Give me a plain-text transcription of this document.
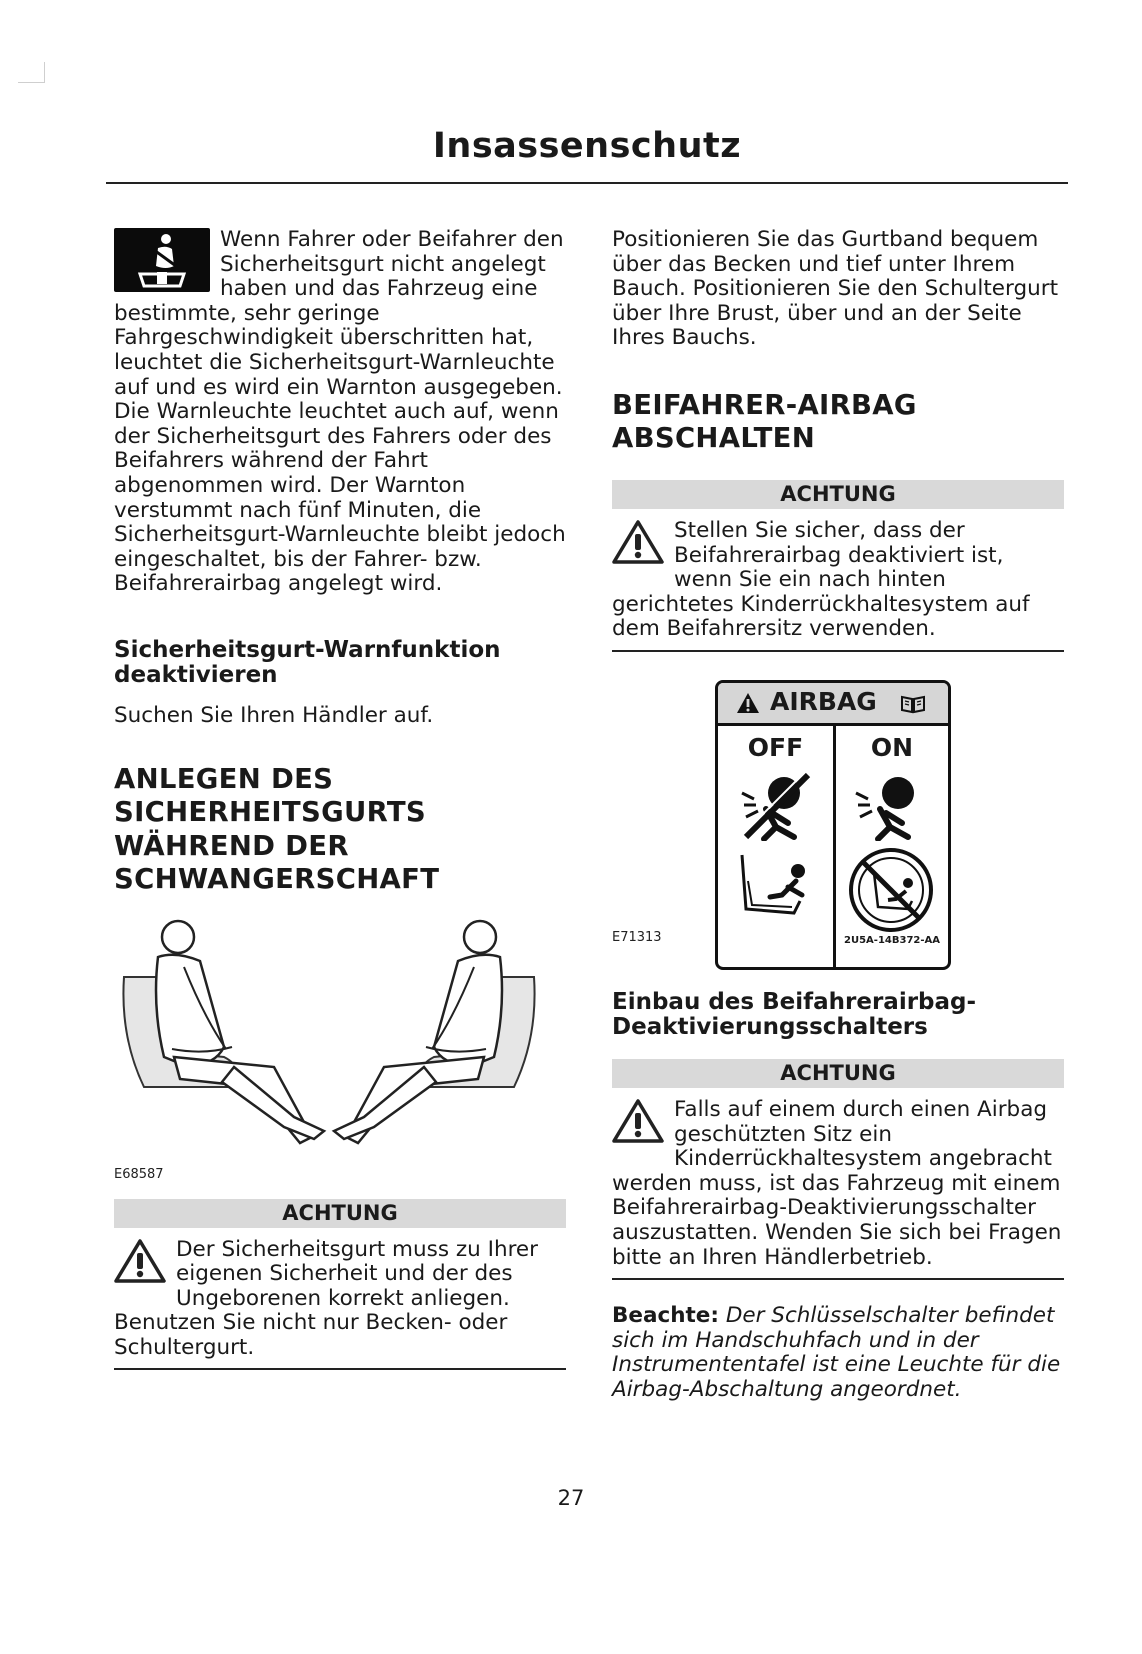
Insassenschutz
Wenn Fahrer oder Beifahrer den Sicherheitsgurt nicht angelegt haben und das Fahrzeug eine bestimmte, sehr geringe Fahrgeschwindigkeit überschritten hat, leuchtet die Sicherheitsgurt-Warnleuchte auf und es wird ein Warnton ausgegeben. Die Warnleuchte leuchtet auch auf, wenn der Sicherheitsgurt des Fahrers oder des Beifahrers während der Fahrt abgenommen wird. Der Warnton verstummt nach fünf Minuten, die Sicherheitsgurt-Warnleuchte bleibt jedoch eingeschaltet, bis der Fahrer- bzw. Beifahrerairbag angelegt wird.
Sicherheitsgurt-Warnfunktion deaktivieren
Suchen Sie Ihren Händler auf.
ANLEGEN DES
SICHERHEITSGURTS
WÄHREND DER
SCHWANGERSCHAFT
E68587
ACHTUNG
Der Sicherheitsgurt muss zu Ihrer eigenen Sicherheit und der des Ungeborenen korrekt anliegen. Benutzen Sie nicht nur Becken- oder Schultergurt.
Positionieren Sie das Gurtband bequem über das Becken und tief unter Ihrem Bauch. Positionieren Sie den Schultergurt über Ihre Brust, über und an der Seite Ihres Bauchs.
BEIFAHRER-AIRBAG
ABSCHALTEN
ACHTUNG
Stellen Sie sicher, dass der Beifahrerairbag deaktiviert ist, wenn Sie ein nach hinten gerichtetes Kinderrückhaltesystem auf dem Beifahrersitz verwenden.
E71313
AIRBAG
OFF	ON
2U5A-14B372-AA
Einbau des Beifahrerairbag-
Deaktivierungsschalters
ACHTUNG
Falls auf einem durch einen Airbag geschützten Sitz ein Kinderrückhaltesystem angebracht werden muss, ist das Fahrzeug mit einem Beifahrerairbag-Deaktivierungsschalter auszustatten. Wenden Sie sich bei Fragen bitte an Ihren Händlerbetrieb.
Beachte: Der Schlüsselschalter befindet sich im Handschuhfach und in der Instrumententafel ist eine Leuchte für die Airbag-Abschaltung angeordnet.
27
